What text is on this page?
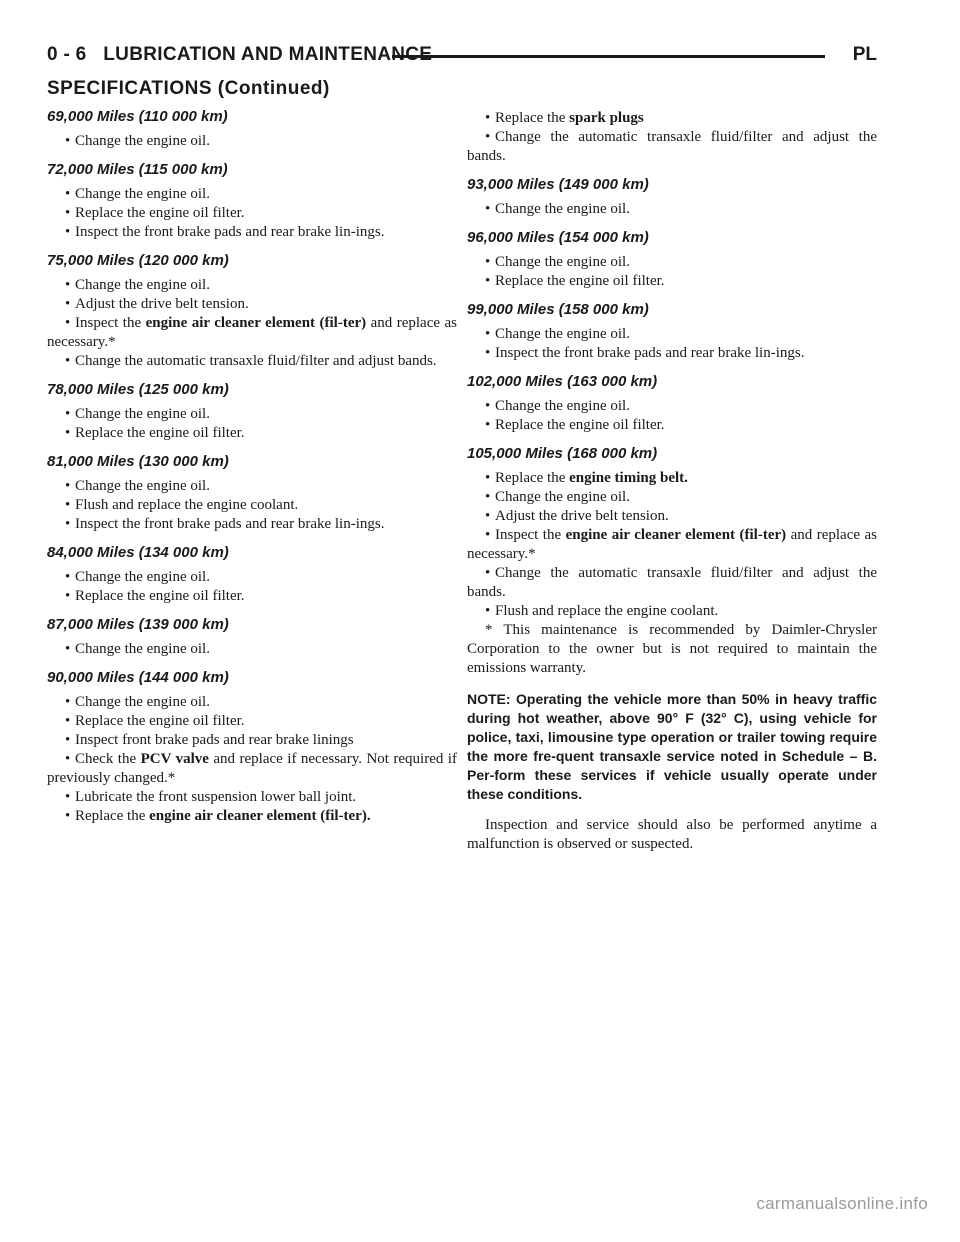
0 - 6 LUBRICATION AND MAINTENANCE	PL
SPECIFICATIONS (Continued)
69,000 Miles (110 000 km)
• Change the engine oil.
72,000 Miles (115 000 km)
• Change the engine oil.
• Replace the engine oil filter.
• Inspect the front brake pads and rear brake lin-ings.
75,000 Miles (120 000 km)
• Change the engine oil.
• Adjust the drive belt tension.
• Inspect the engine air cleaner element (fil-ter) and replace as necessary.*
• Change the automatic transaxle fluid/filter and adjust bands.
78,000 Miles (125 000 km)
• Change the engine oil.
• Replace the engine oil filter.
81,000 Miles (130 000 km)
• Change the engine oil.
• Flush and replace the engine coolant.
• Inspect the front brake pads and rear brake lin-ings.
84,000 Miles (134 000 km)
• Change the engine oil.
• Replace the engine oil filter.
87,000 Miles (139 000 km)
• Change the engine oil.
90,000 Miles (144 000 km)
• Change the engine oil.
• Replace the engine oil filter.
• Inspect front brake pads and rear brake linings
• Check the PCV valve and replace if necessary. Not required if previously changed.*
• Lubricate the front suspension lower ball joint.
• Replace the engine air cleaner element (fil-ter).
• Replace the spark plugs
• Change the automatic transaxle fluid/filter and adjust the bands.
93,000 Miles (149 000 km)
• Change the engine oil.
96,000 Miles (154 000 km)
• Change the engine oil.
• Replace the engine oil filter.
99,000 Miles (158 000 km)
• Change the engine oil.
• Inspect the front brake pads and rear brake lin-ings.
102,000 Miles (163 000 km)
• Change the engine oil.
• Replace the engine oil filter.
105,000 Miles (168 000 km)
• Replace the engine timing belt.
• Change the engine oil.
• Adjust the drive belt tension.
• Inspect the engine air cleaner element (fil-ter) and replace as necessary.*
• Change the automatic transaxle fluid/filter and adjust the bands.
• Flush and replace the engine coolant.
* This maintenance is recommended by Daimler-Chrysler Corporation to the owner but is not required to maintain the emissions warranty.
NOTE: Operating the vehicle more than 50% in heavy traffic during hot weather, above 90° F (32° C), using vehicle for police, taxi, limousine type operation or trailer towing require the more fre-quent transaxle service noted in Schedule – B. Per-form these services if vehicle usually operate under these conditions.
Inspection and service should also be performed anytime a malfunction is observed or suspected.
carmanualsonline.info
